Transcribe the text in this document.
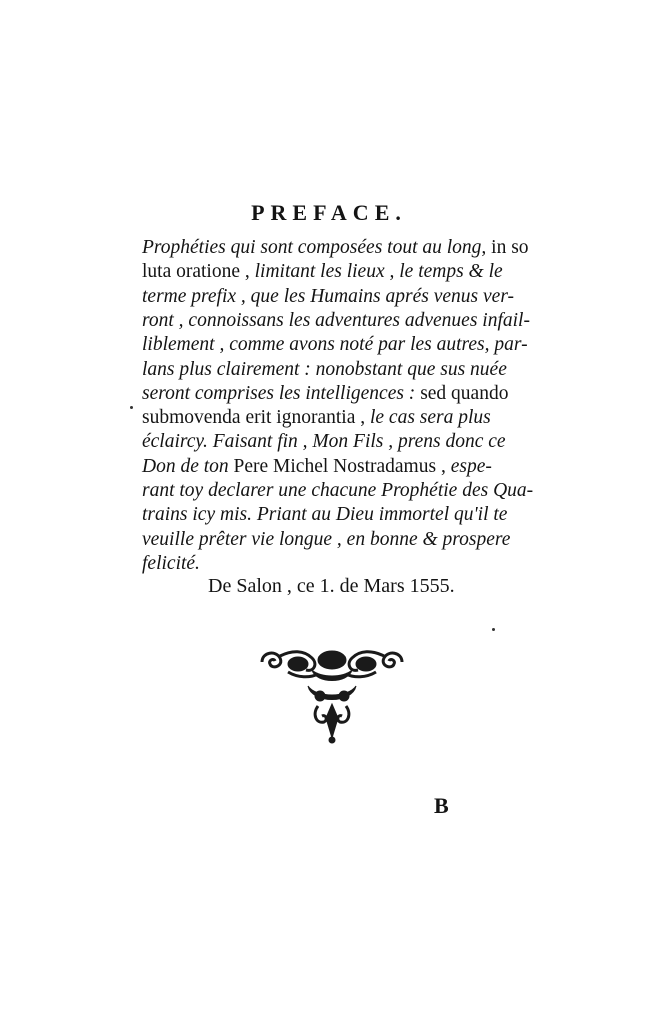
PREFACE.
Prophéties qui sont composées tout au long, in so
luta oratione , limitant les lieux , le temps & le
terme prefix , que les Humains aprés venus ver-
ront , connoissans les adventures advenues infail-
liblement , comme avons noté par les autres, par-
lans plus clairement : nonobstant que sus nuée
seront comprises les intelligences : sed quando
submovenda erit ignorantia , le cas sera plus
éclaircy. Faisant fin , Mon Fils , prens donc ce
Don de ton Pere Michel Nostradamus , espe-
rant toy declarer une chacune Prophétie des Qua-
trains icy mis. Priant au Dieu immortel qu'il te
veuille prêter vie longue , en bonne & prospere
felicité.
De Salon , ce 1. de Mars 1555.
B
